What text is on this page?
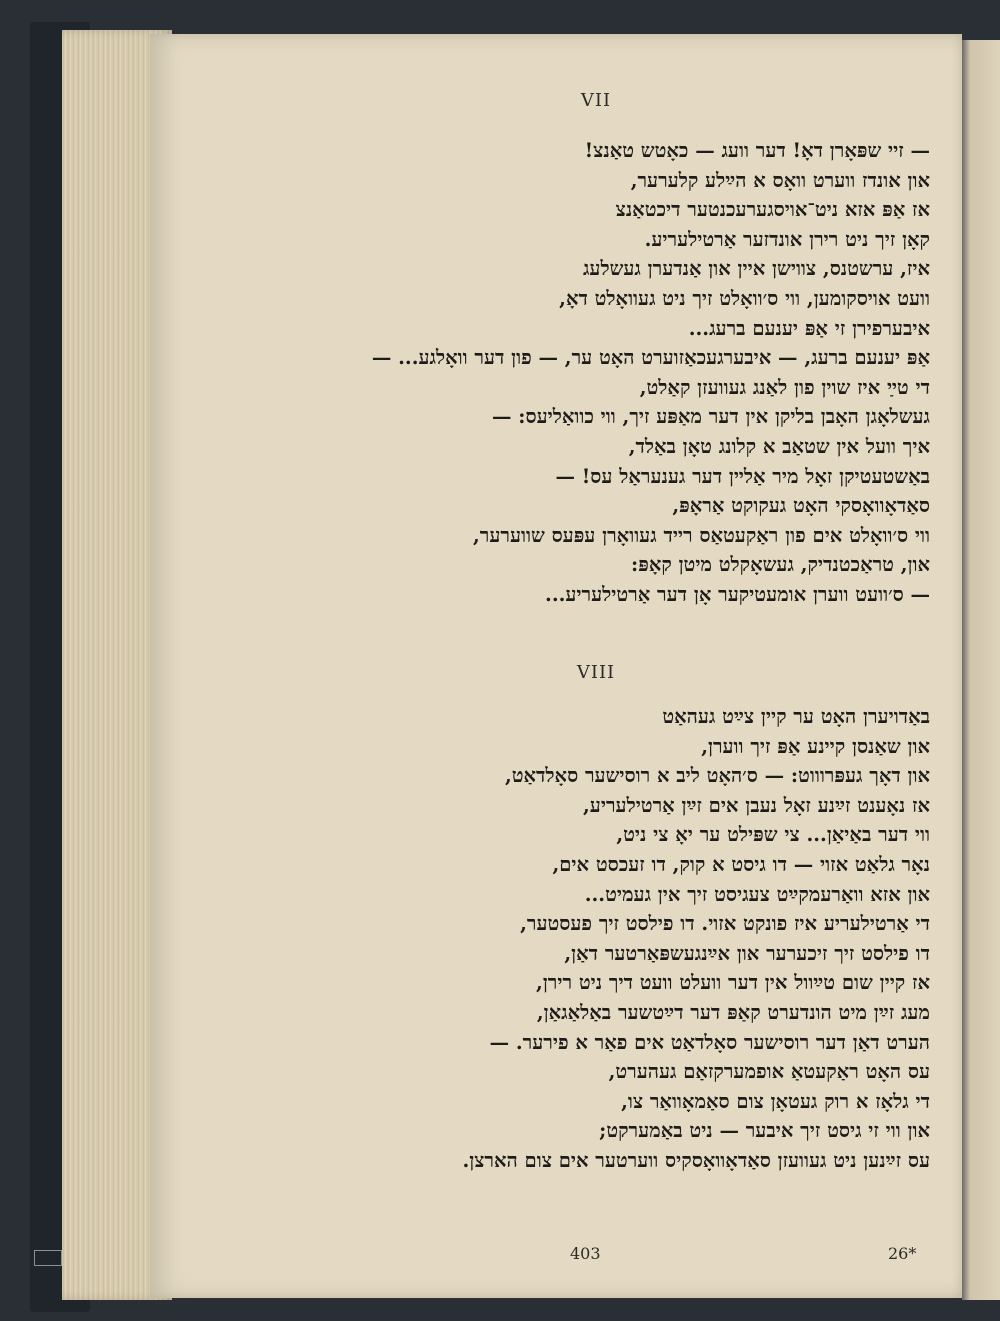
VII
— זיי שפּאָרן דאָ! דער וועג — כאָטש טאַנצ!
און אונדז ווערט וואָס א הײַלע קלערער,
אז אַפּ אזא ניט־אויסגערעכנטער דיכטאַנצ
קאָן זיך ניט רירן אונדזער אַרטילעריע.
איז, ערשטנס, צווישן איין און אַנדערן געשלעג
וועט אויסקומען, ווי ס׳וואָלט זיך ניט געוואָלט דאָ,
איבערפירן זי אַפּ יענעם ברעג...
אַפּ יענעם ברעג, — איבערגעכאַזוערט האָט ער, — פון דער וואָלגע... —
די טײַ איז שוין פון לאַנג געוועזן קאַלט,
געשלאָגן האָבן בליקן אין דער מאַפּע זיך, ווי כוואַליעס: —
איך וועל אין שטאַב א קלונג טאָן באַלד,
באַשטעטיקן זאָל מיר אַלײן דער גענעראַל עס! —
סאַדאָוואָסקי האָט געקוקט אַראָפּ,
ווי ס׳וואָלט אים פון ראַקעטאַס רייד געוואָרן עפּעס שווערער,
און, טראַכטנדיק, געשאָקלט מיטן קאָפּ:
— ס׳וועט ווערן אומעטיקער אָן דער אַרטילעריע...
VIII
באַדויערן האָט ער קיין צײַט געהאַט
און שאַנסן קיינע אַפּ זיך ווערן,
און דאָך געפּרוווט: — ס׳האָט ליב א רוסישער סאָלדאַט,
אז נאָענט זײַנע זאָל נעבן אים זײַן אַרטילעריע,
ווי דער באַיאַן... צי שפּילט ער יאָ צי ניט,
נאָר גלאַט אזוי — דו גיסט א קוק, דו זעכסט אים,
און אזא וואַרעמקײַט צעגיסט זיך אין געמיט...
די אַרטילעריע איז פונקט אזוי. דו פילסט זיך פעסטער,
דו פילסט זיך זיכערער און אײַנגעשפּאַרטער דאַן,
אז קיין שום טײַוול אין דער וועלט וועט דיך ניט רירן,
מעג זײַן מיט הונדערט קאַפּ דער דײַטשער באַלאַגאַן,
הערט דאַן דער רוסישער סאָלדאַט אים פאַר א פירער. —
עס האָט ראַקעטאַ אופמערקזאַם געהערט,
די גלאָז א רוק געטאָן צום סאַמאָוואַר צו,
און ווי זי גיסט זיך איבער — ניט באַמערקט;
עס זײַנען ניט געוועזן סאַדאָוואָסקיס ווערטער אים צום הארצן.
403	26*
